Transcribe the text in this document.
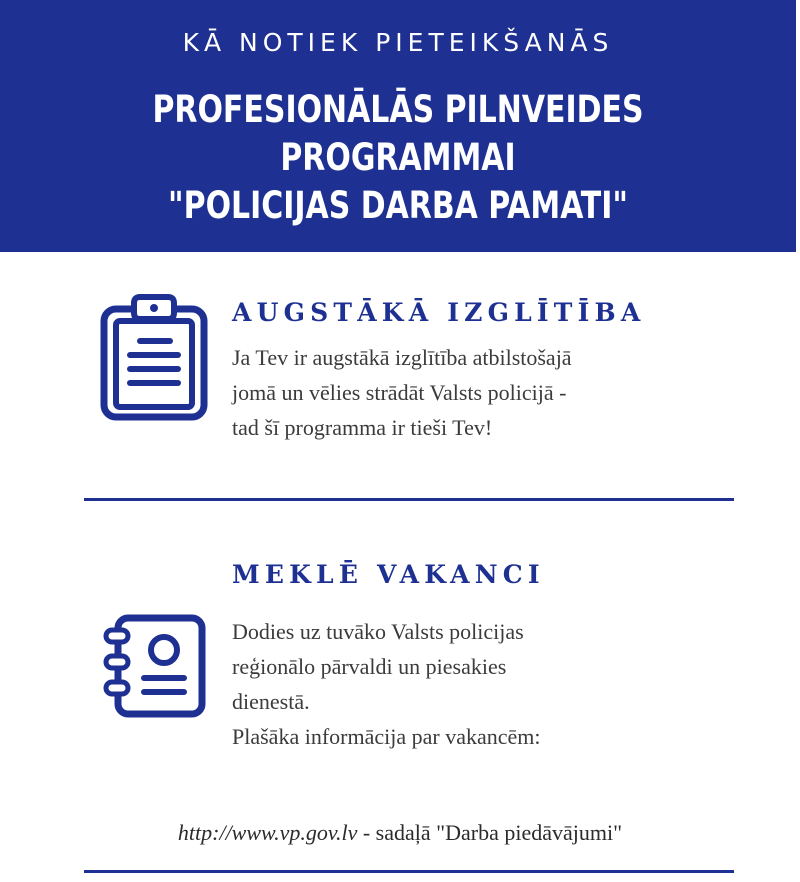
KĀ NOTIEK PIETEIKŠANĀS
PROFESIONĀLĀS PILNVEIDES PROGRAMMAI
"POLICIJAS DARBA PAMATI"
AUGSTĀKĀ IZGLĪTĪBA

Ja Tev ir augstākā izglītība atbilstošajā

jomā un vēlies strādāt Valsts policijā -

tad šī programma ir tieši Tev!

MEKLĒ VAKANCI

Dodies uz tuvāko Valsts policijas

reģionālo pārvaldi un piesakies

dienestā.

Plašāka informācija par vakancēm:

http://www.vp.gov.lv - sadaļā "Darba piedāvājumi"
